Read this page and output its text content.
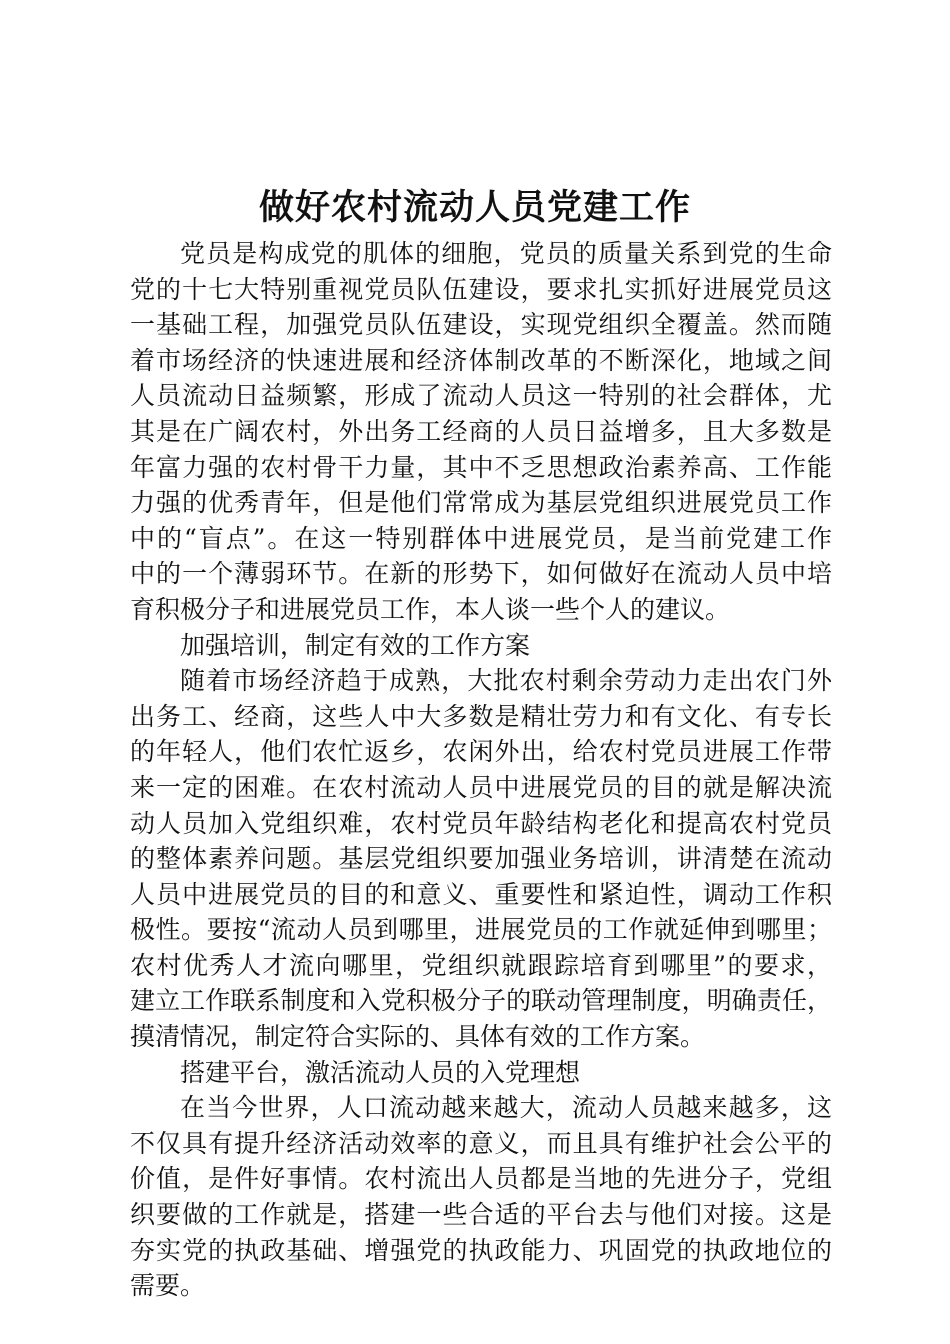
做好农村流动人员党建工作
党员是构成党的肌体的细胞，党员的质量关系到党的生命
党的十七大特别重视党员队伍建设，要求扎实抓好进展党员这
一基础工程，加强党员队伍建设，实现党组织全覆盖。然而随
着市场经济的快速进展和经济体制改革的不断深化，地域之间
人员流动日益频繁，形成了流动人员这一特别的社会群体，尤
其是在广阔农村，外出务工经商的人员日益增多，且大多数是
年富力强的农村骨干力量，其中不乏思想政治素养高、工作能
力强的优秀青年，但是他们常常成为基层党组织进展党员工作
中的“盲点”。在这一特别群体中进展党员，是当前党建工作
中的一个薄弱环节。在新的形势下，如何做好在流动人员中培
育积极分子和进展党员工作，本人谈一些个人的建议。
加强培训，制定有效的工作方案
随着市场经济趋于成熟，大批农村剩余劳动力走出农门外
出务工、经商，这些人中大多数是精壮劳力和有文化、有专长
的年轻人，他们农忙返乡，农闲外出，给农村党员进展工作带
来一定的困难。在农村流动人员中进展党员的目的就是解决流
动人员加入党组织难，农村党员年龄结构老化和提高农村党员
的整体素养问题。基层党组织要加强业务培训，讲清楚在流动
人员中进展党员的目的和意义、重要性和紧迫性，调动工作积
极性。要按“流动人员到哪里，进展党员的工作就延伸到哪里；
农村优秀人才流向哪里，党组织就跟踪培育到哪里”的要求，
建立工作联系制度和入党积极分子的联动管理制度，明确责任，
摸清情况，制定符合实际的、具体有效的工作方案。
搭建平台，激活流动人员的入党理想
在当今世界，人口流动越来越大，流动人员越来越多，这
不仅具有提升经济活动效率的意义，而且具有维护社会公平的
价值，是件好事情。农村流出人员都是当地的先进分子，党组
织要做的工作就是，搭建一些合适的平台去与他们对接。这是
夯实党的执政基础、增强党的执政能力、巩固党的执政地位的
需要。
